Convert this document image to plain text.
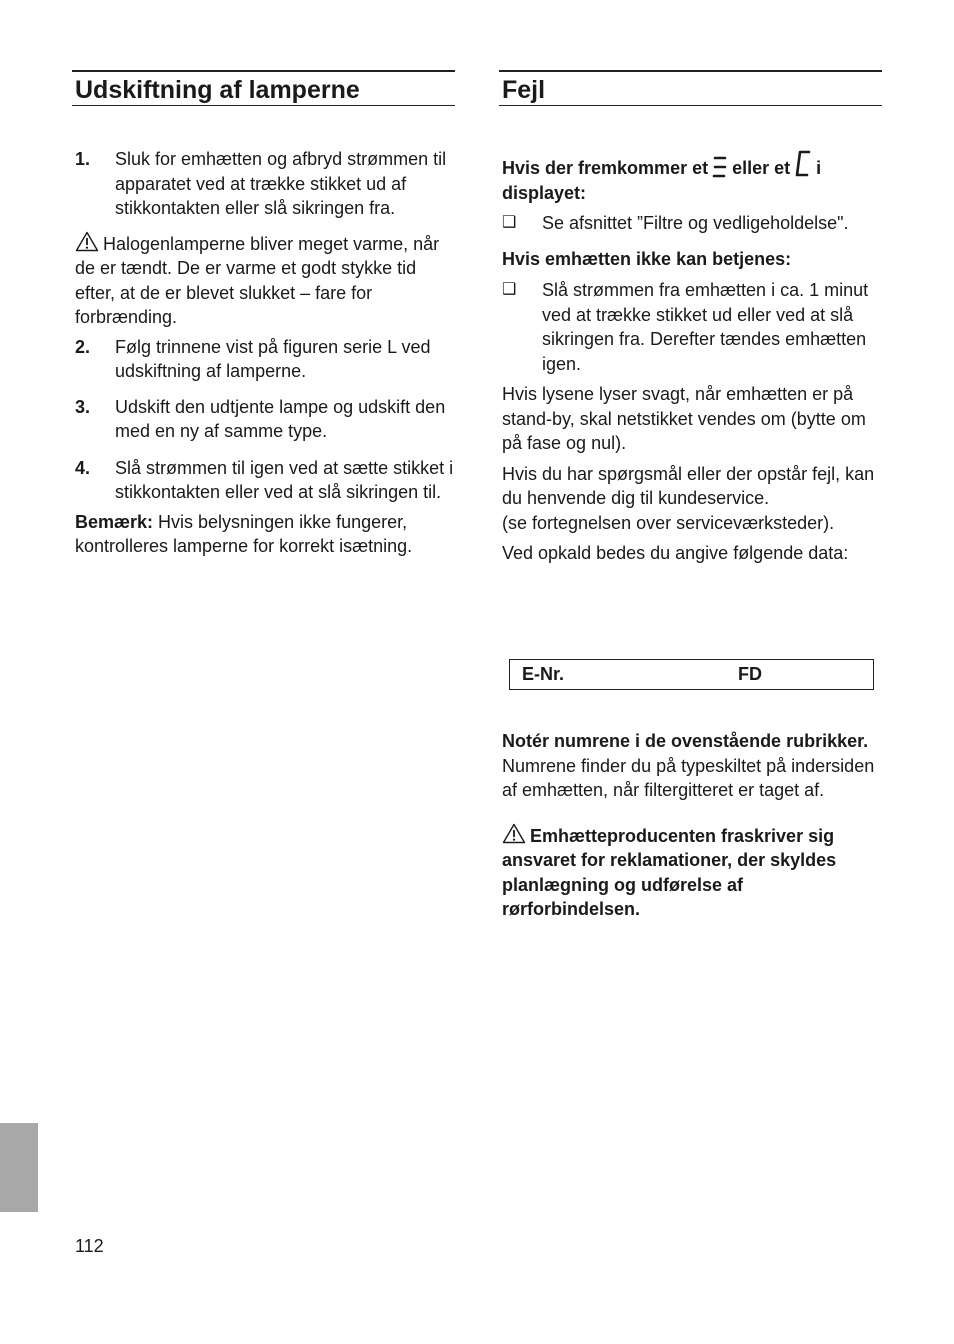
Udskiftning af lamperne
1.	Sluk for emhætten og afbryd strømmen til apparatet ved at trække stikket ud af stikkontakten eller slå sikringen fra.

Halogenlamperne bliver meget varme, når de er tændt. De er varme et godt stykke tid efter, at de er blevet slukket – fare for forbrænding.

2.	Følg trinnene vist på figuren serie L ved udskiftning af lamperne.
3.	Udskift den udtjente lampe og udskift den med en ny af samme type.
4.	Slå strømmen til igen ved at sætte stikket i stikkontakten eller ved at slå sikringen til.

Bemærk: Hvis belysningen ikke fungerer, kontrolleres lamperne for korrekt isætning.

Fejl

Hvis der fremkommer et eller et i displayet:

❑	Se afsnittet ”Filtre og vedligeholdelse".

Hvis emhætten ikke kan betjenes:

❑	Slå strømmen fra emhætten i ca. 1 minut ved at trække stikket ud eller ved at slå sikringen fra. Derefter tændes emhætten igen.

Hvis lysene lyser svagt, når emhætten er på stand-by, skal netstikket vendes om (bytte om på fase og nul).

Hvis du har spørgsmål eller der opstår fejl, kan du henvende dig til kundeservice.
(se fortegnelsen over serviceværksteder).

Ved opkald bedes du angive følgende data:

E-Nr.	FD

Notér numrene i de ovenstående rubrikker. Numrene finder du på typeskiltet på indersiden af emhætten, når filtergitteret er taget af.

Emhætteproducenten fraskriver sig ansvaret for reklamationer, der skyldes planlægning og udførelse af rørforbindelsen.

112
